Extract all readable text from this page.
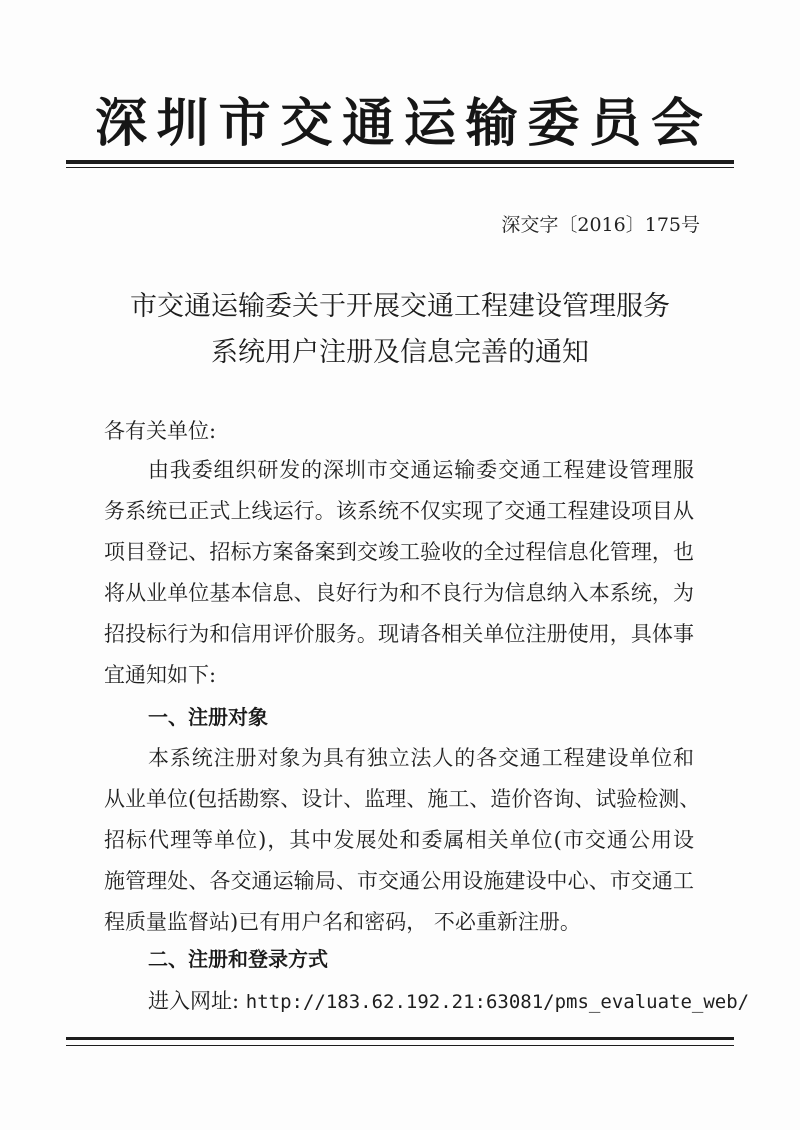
深圳市交通运输委员会
深交字〔2016〕175号
市交通运输委关于开展交通工程建设管理服务
系统用户注册及信息完善的通知
各有关单位:
由我委组织研发的深圳市交通运输委交通工程建设管理服
务系统已正式上线运行。该系统不仅实现了交通工程建设项目从
项目登记、招标方案备案到交竣工验收的全过程信息化管理，也
将从业单位基本信息、良好行为和不良行为信息纳入本系统，为
招投标行为和信用评价服务。现请各相关单位注册使用，具体事
宜通知如下:
一、注册对象
本系统注册对象为具有独立法人的各交通工程建设单位和
从业单位(包括勘察、设计、监理、施工、造价咨询、试验检测、
招标代理等单位)，其中发展处和委属相关单位(市交通公用设
施管理处、各交通运输局、市交通公用设施建设中心、市交通工
程质量监督站)已有用户名和密码， 不必重新注册。
二、注册和登录方式
进入网址: http://183.62.192.21:63081/pms_evaluate_web/
